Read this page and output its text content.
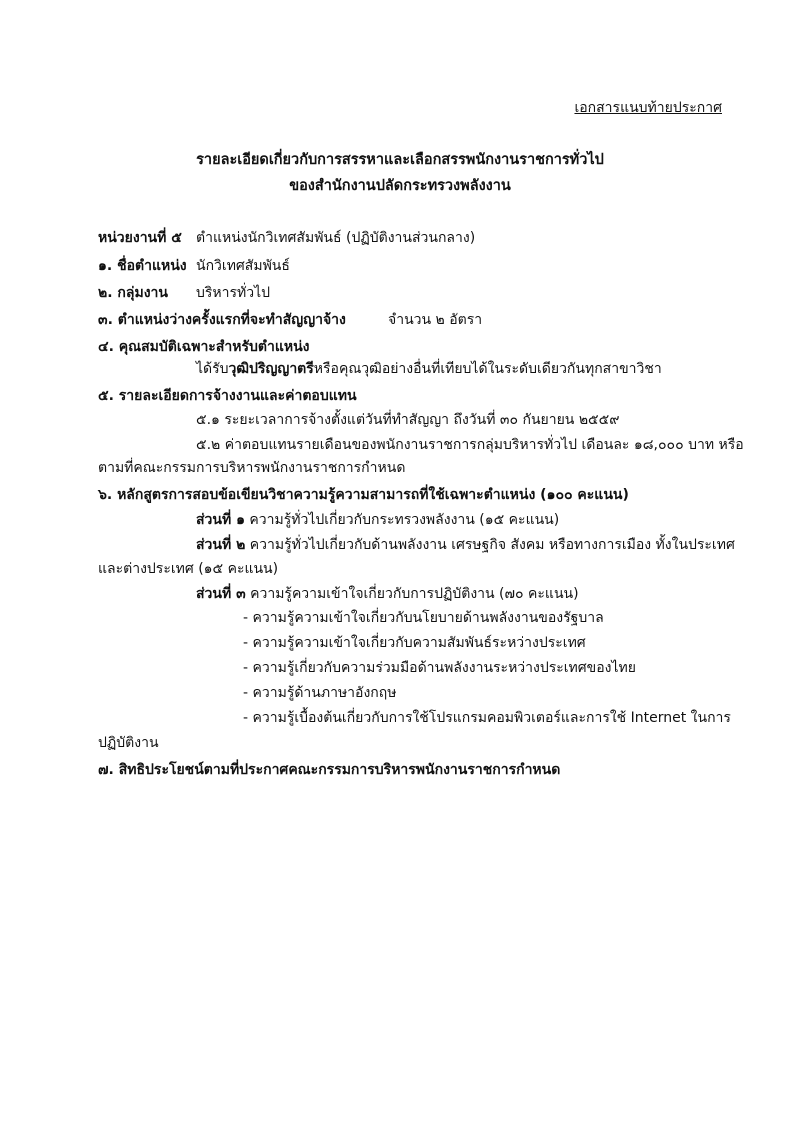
เอกสารแนบท้ายประกาศ
รายละเอียดเกี่ยวกับการสรรหาและเลือกสรรพนักงานราชการทั่วไป
ของสำนักงานปลัดกระทรวงพลังงาน
หน่วยงานที่ ๕ ตำแหน่งนักวิเทศสัมพันธ์ (ปฏิบัติงานส่วนกลาง)
๑. ชื่อตำแหน่ง นักวิเทศสัมพันธ์
๒. กลุ่มงาน บริหารทั่วไป
๓. ตำแหน่งว่างครั้งแรกที่จะทำสัญญาจ้าง	จำนวน ๒ อัตรา
๔. คุณสมบัติเฉพาะสำหรับตำแหน่ง
ได้รับวุฒิปริญญาตรีหรือคุณวุฒิอย่างอื่นที่เทียบได้ในระดับเดียวกันทุกสาขาวิชา
๕. รายละเอียดการจ้างงานและค่าตอบแทน
๕.๑ ระยะเวลาการจ้างตั้งแต่วันที่ทำสัญญา ถึงวันที่ ๓๐ กันยายน ๒๕๕๙
๕.๒ ค่าตอบแทนรายเดือนของพนักงานราชการกลุ่มบริหารทั่วไป เดือนละ ๑๘,๐๐๐ บาท หรือ
ตามที่คณะกรรมการบริหารพนักงานราชการกำหนด
๖. หลักสูตรการสอบข้อเขียนวิชาความรู้ความสามารถที่ใช้เฉพาะตำแหน่ง (๑๐๐ คะแนน)
ส่วนที่ ๑ ความรู้ทั่วไปเกี่ยวกับกระทรวงพลังงาน (๑๕ คะแนน)
ส่วนที่ ๒ ความรู้ทั่วไปเกี่ยวกับด้านพลังงาน เศรษฐกิจ สังคม หรือทางการเมือง ทั้งในประเทศ
และต่างประเทศ (๑๕ คะแนน)
ส่วนที่ ๓ ความรู้ความเข้าใจเกี่ยวกับการปฏิบัติงาน (๗๐ คะแนน)
- ความรู้ความเข้าใจเกี่ยวกับนโยบายด้านพลังงานของรัฐบาล
- ความรู้ความเข้าใจเกี่ยวกับความสัมพันธ์ระหว่างประเทศ
- ความรู้เกี่ยวกับความร่วมมือด้านพลังงานระหว่างประเทศของไทย
- ความรู้ด้านภาษาอังกฤษ
- ความรู้เบื้องต้นเกี่ยวกับการใช้โปรแกรมคอมพิวเตอร์และการใช้ Internet ในการ
ปฏิบัติงาน
๗. สิทธิประโยชน์ตามที่ประกาศคณะกรรมการบริหารพนักงานราชการกำหนด
